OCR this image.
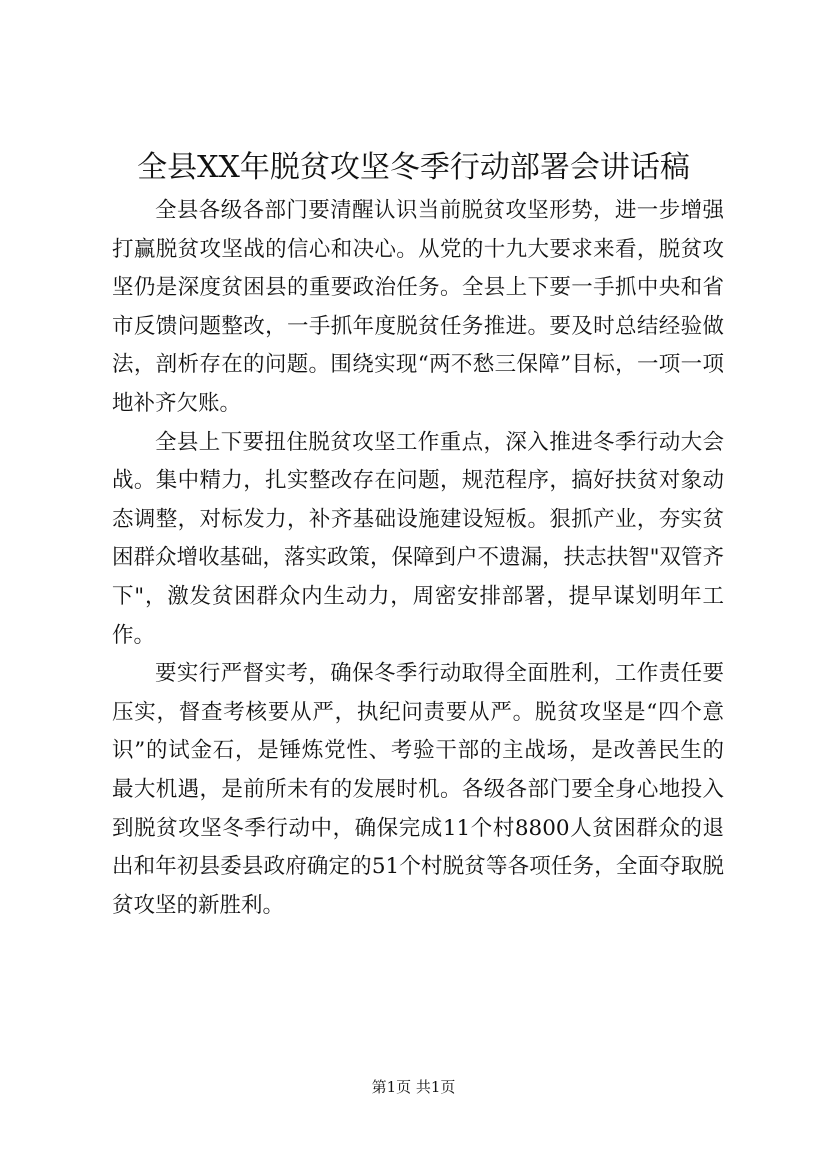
全县XX年脱贫攻坚冬季行动部署会讲话稿

全县各级各部门要清醒认识当前脱贫攻坚形势，进一步增强打赢脱贫攻坚战的信心和决心。从党的十九大要求来看，脱贫攻坚仍是深度贫困县的重要政治任务。全县上下要一手抓中央和省市反馈问题整改，一手抓年度脱贫任务推进。要及时总结经验做法，剖析存在的问题。围绕实现“两不愁三保障”目标，一项一项地补齐欠账。

全县上下要扭住脱贫攻坚工作重点，深入推进冬季行动大会战。集中精力，扎实整改存在问题，规范程序，搞好扶贫对象动态调整，对标发力，补齐基础设施建设短板。狠抓产业，夯实贫困群众增收基础，落实政策，保障到户不遗漏，扶志扶智"双管齐下"，激发贫困群众内生动力，周密安排部署，提早谋划明年工作。

要实行严督实考，确保冬季行动取得全面胜利，工作责任要压实，督查考核要从严，执纪问责要从严。脱贫攻坚是“四个意识”的试金石，是锤炼党性、考验干部的主战场，是改善民生的最大机遇，是前所未有的发展时机。各级各部门要全身心地投入到脱贫攻坚冬季行动中，确保完成11个村8800人贫困群众的退出和年初县委县政府确定的51个村脱贫等各项任务，全面夺取脱贫攻坚的新胜利。

第1页 共1页
